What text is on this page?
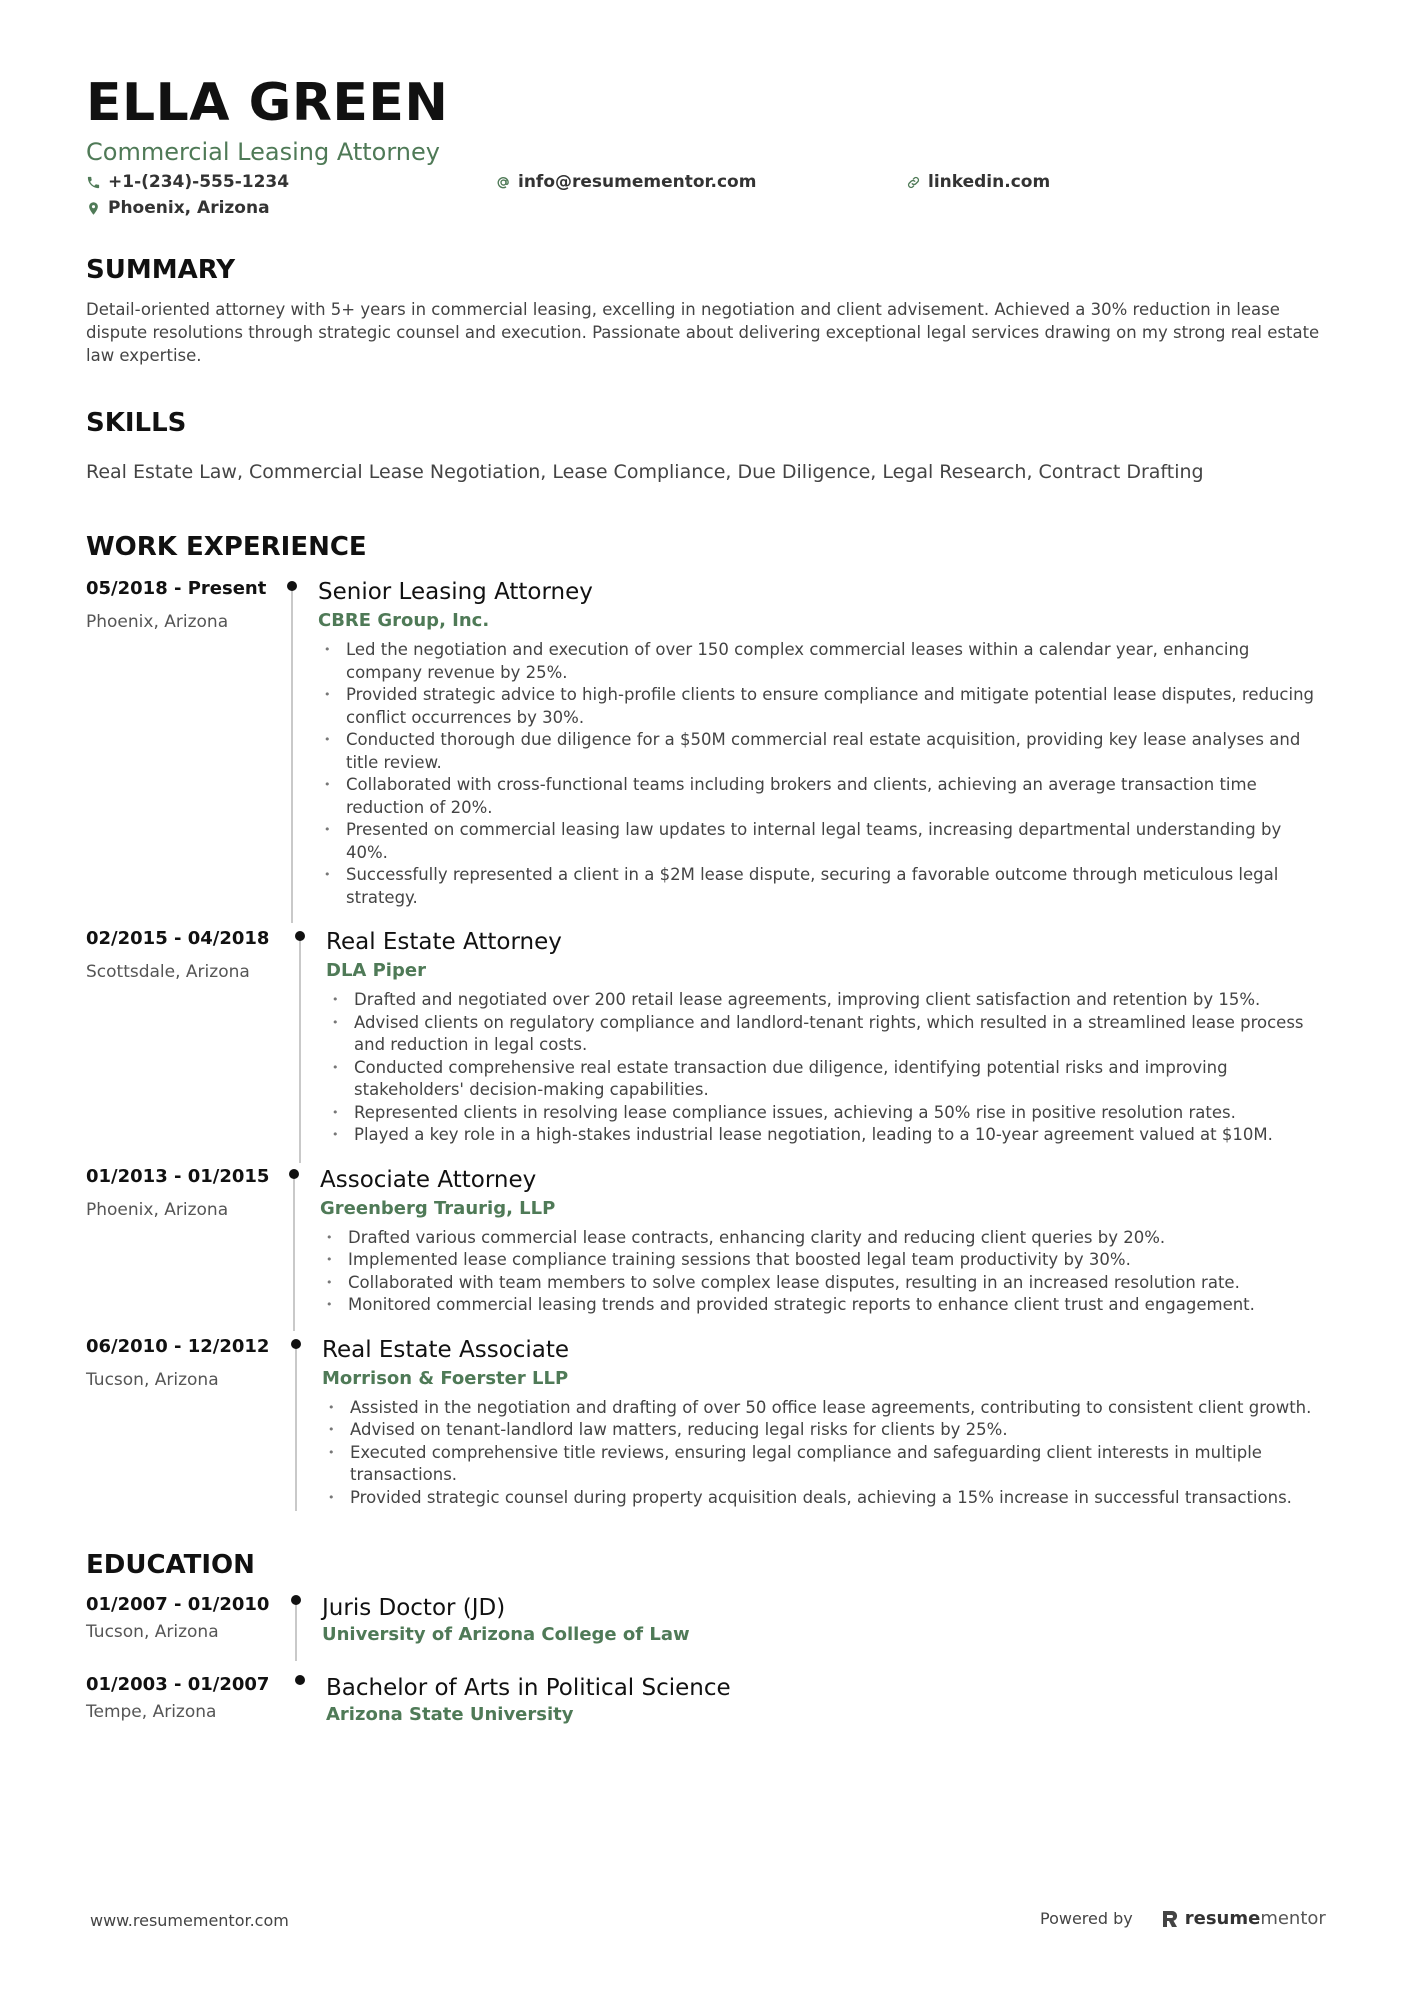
ELLA GREEN
Commercial Leasing Attorney
+1-(234)-555-1234	info@resumementor.com	linkedin.com
Phoenix, Arizona
SUMMARY
Detail-oriented attorney with 5+ years in commercial leasing, excelling in negotiation and client advisement. Achieved a 30% reduction in lease dispute resolutions through strategic counsel and execution. Passionate about delivering exceptional legal services drawing on my strong real estate law expertise.
SKILLS
Real Estate Law, Commercial Lease Negotiation, Lease Compliance, Due Diligence, Legal Research, Contract Drafting
WORK EXPERIENCE
05/2018 - Present
Phoenix, Arizona
Senior Leasing Attorney
CBRE Group, Inc.
• Led the negotiation and execution of over 150 complex commercial leases within a calendar year, enhancing company revenue by 25%.
• Provided strategic advice to high-profile clients to ensure compliance and mitigate potential lease disputes, reducing conflict occurrences by 30%.
• Conducted thorough due diligence for a $50M commercial real estate acquisition, providing key lease analyses and title review.
• Collaborated with cross-functional teams including brokers and clients, achieving an average transaction time reduction of 20%.
• Presented on commercial leasing law updates to internal legal teams, increasing departmental understanding by 40%.
• Successfully represented a client in a $2M lease dispute, securing a favorable outcome through meticulous legal strategy.
02/2015 - 04/2018
Scottsdale, Arizona
Real Estate Attorney
DLA Piper
• Drafted and negotiated over 200 retail lease agreements, improving client satisfaction and retention by 15%.
• Advised clients on regulatory compliance and landlord-tenant rights, which resulted in a streamlined lease process and reduction in legal costs.
• Conducted comprehensive real estate transaction due diligence, identifying potential risks and improving stakeholders' decision-making capabilities.
• Represented clients in resolving lease compliance issues, achieving a 50% rise in positive resolution rates.
• Played a key role in a high-stakes industrial lease negotiation, leading to a 10-year agreement valued at $10M.
01/2013 - 01/2015
Phoenix, Arizona
Associate Attorney
Greenberg Traurig, LLP
• Drafted various commercial lease contracts, enhancing clarity and reducing client queries by 20%.
• Implemented lease compliance training sessions that boosted legal team productivity by 30%.
• Collaborated with team members to solve complex lease disputes, resulting in an increased resolution rate.
• Monitored commercial leasing trends and provided strategic reports to enhance client trust and engagement.
06/2010 - 12/2012
Tucson, Arizona
Real Estate Associate
Morrison & Foerster LLP
• Assisted in the negotiation and drafting of over 50 office lease agreements, contributing to consistent client growth.
• Advised on tenant-landlord law matters, reducing legal risks for clients by 25%.
• Executed comprehensive title reviews, ensuring legal compliance and safeguarding client interests in multiple transactions.
• Provided strategic counsel during property acquisition deals, achieving a 15% increase in successful transactions.
EDUCATION
01/2007 - 01/2010
Tucson, Arizona
Juris Doctor (JD)
University of Arizona College of Law
01/2003 - 01/2007
Tempe, Arizona
Bachelor of Arts in Political Science
Arizona State University
www.resumementor.com	Powered by	resume mentor
